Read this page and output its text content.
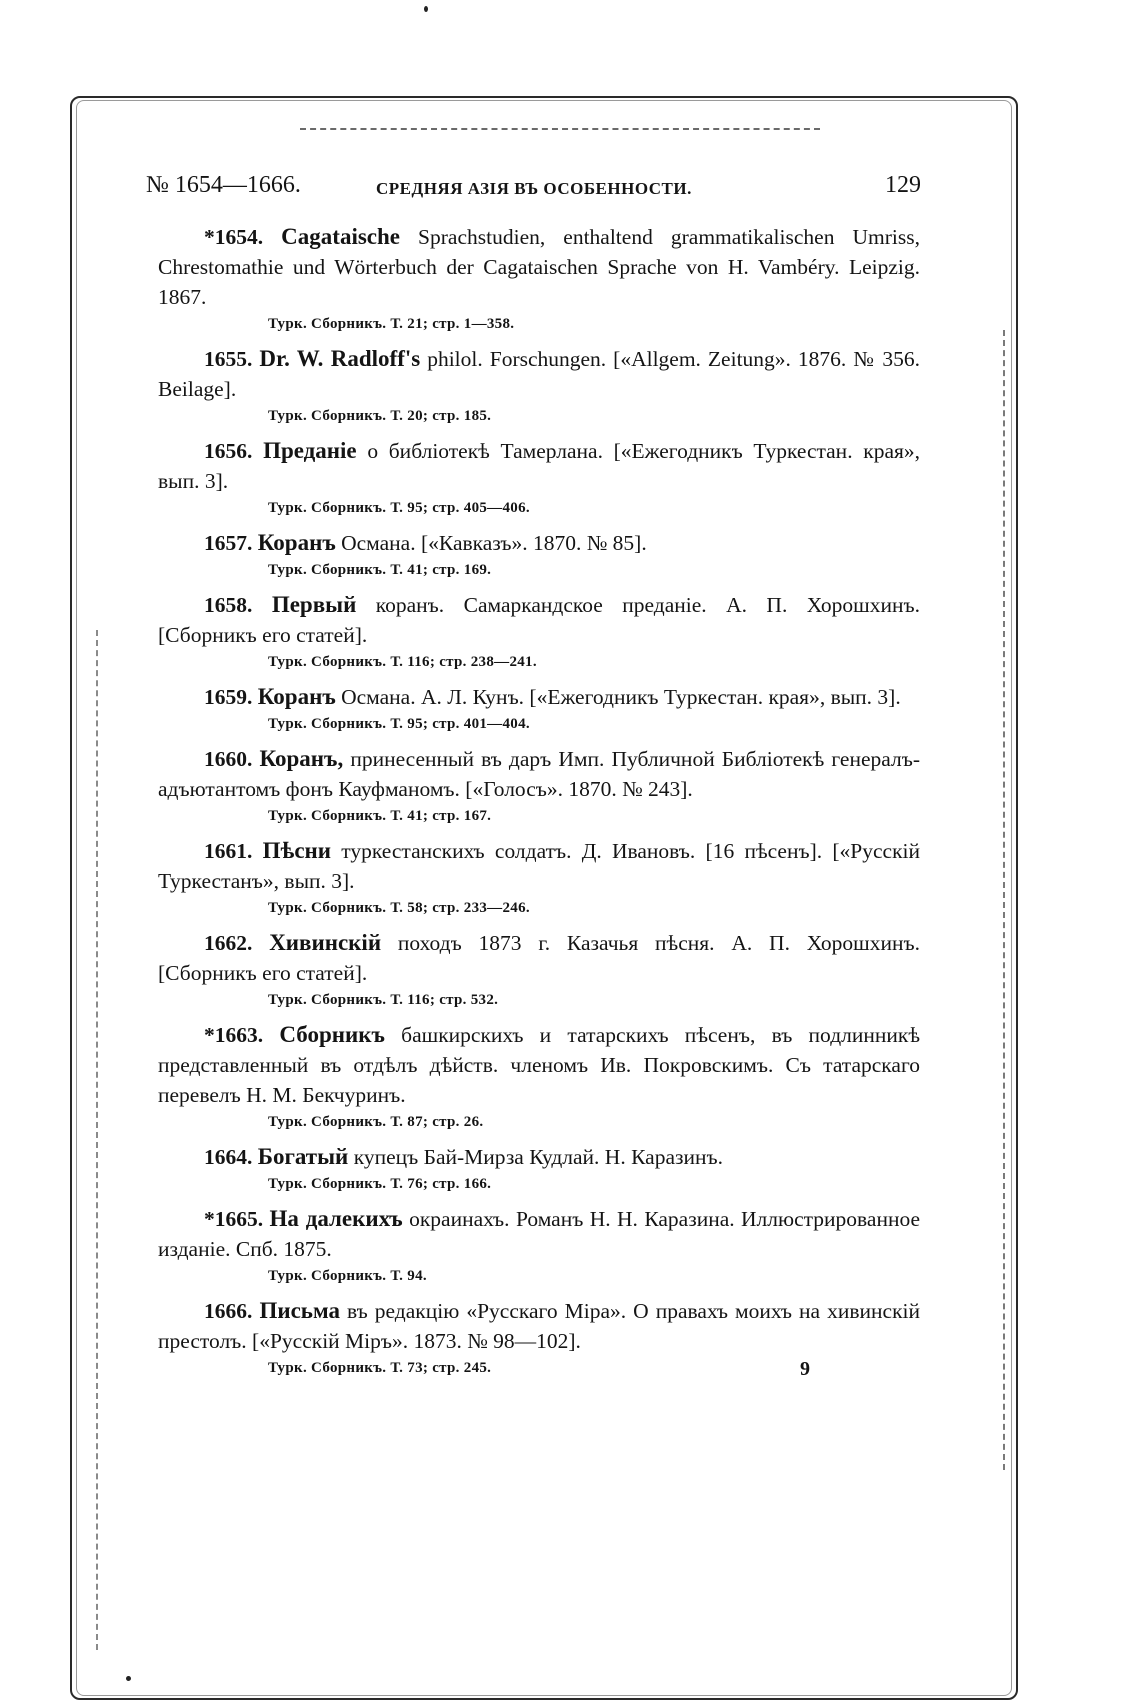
№ 1654—1666.	СРЕДНЯЯ АЗІЯ ВЪ ОСОБЕННОСТИ.	129

*1654. Cagataische Sprachstudien, enthaltend grammatikalischen Umriss, Chrestomathie und Wörterbuch der Cagataischen Sprache von H. Vambéry. Leipzig. 1867.

Турк. Сборникъ. Т. 21; стр. 1—358.

1655. Dr. W. Radloff's philol. Forschungen. [«Allgem. Zeitung». 1876. № 356. Beilage].

Турк. Сборникъ. Т. 20; стр. 185.

1656. Преданіе о библіотекѣ Тамерлана. [«Ежегодникъ Туркестан. края», вып. 3].

Турк. Сборникъ. Т. 95; стр. 405—406.

1657. Коранъ Османа. [«Кавказъ». 1870. № 85].

Турк. Сборникъ. Т. 41; стр. 169.

1658. Первый коранъ. Самаркандское преданіе. А. П. Хорошхинъ. [Сборникъ его статей].

Турк. Сборникъ. Т. 116; стр. 238—241.

1659. Коранъ Османа. А. Л. Кунъ. [«Ежегодникъ Туркестан. края», вып. 3].

Турк. Сборникъ. Т. 95; стр. 401—404.

1660. Коранъ, принесенный въ даръ Имп. Публичной Библіотекѣ генералъ-адъютантомъ фонъ Кауфманомъ. [«Голосъ». 1870. № 243].

Турк. Сборникъ. Т. 41; стр. 167.

1661. Пѣсни туркестанскихъ солдатъ. Д. Ивановъ. [16 пѣсенъ]. [«Русскій Туркестанъ», вып. 3].

Турк. Сборникъ. Т. 58; стр. 233—246.

1662. Хивинскій походъ 1873 г. Казачья пѣсня. А. П. Хорошхинъ. [Сборникъ его статей].

Турк. Сборникъ. Т. 116; стр. 532.

*1663. Сборникъ башкирскихъ и татарскихъ пѣсенъ, въ подлинникѣ представленный въ отдѣлъ дѣйств. членомъ Ив. Покровскимъ. Съ татарскаго перевелъ Н. М. Бекчуринъ.

Турк. Сборникъ. Т. 87; стр. 26.

1664. Богатый купецъ Бай-Мирза Кудлай. Н. Каразинъ.

Турк. Сборникъ. Т. 76; стр. 166.

*1665. На далекихъ окраинахъ. Романъ Н. Н. Каразина. Иллюстрированное изданіе. Спб. 1875.

Турк. Сборникъ. Т. 94.

1666. Письма въ редакцію «Русскаго Міра». О правахъ моихъ на хивинскій престолъ. [«Русскій Міръ». 1873. № 98—102].

Турк. Сборникъ. Т. 73; стр. 245.	9
